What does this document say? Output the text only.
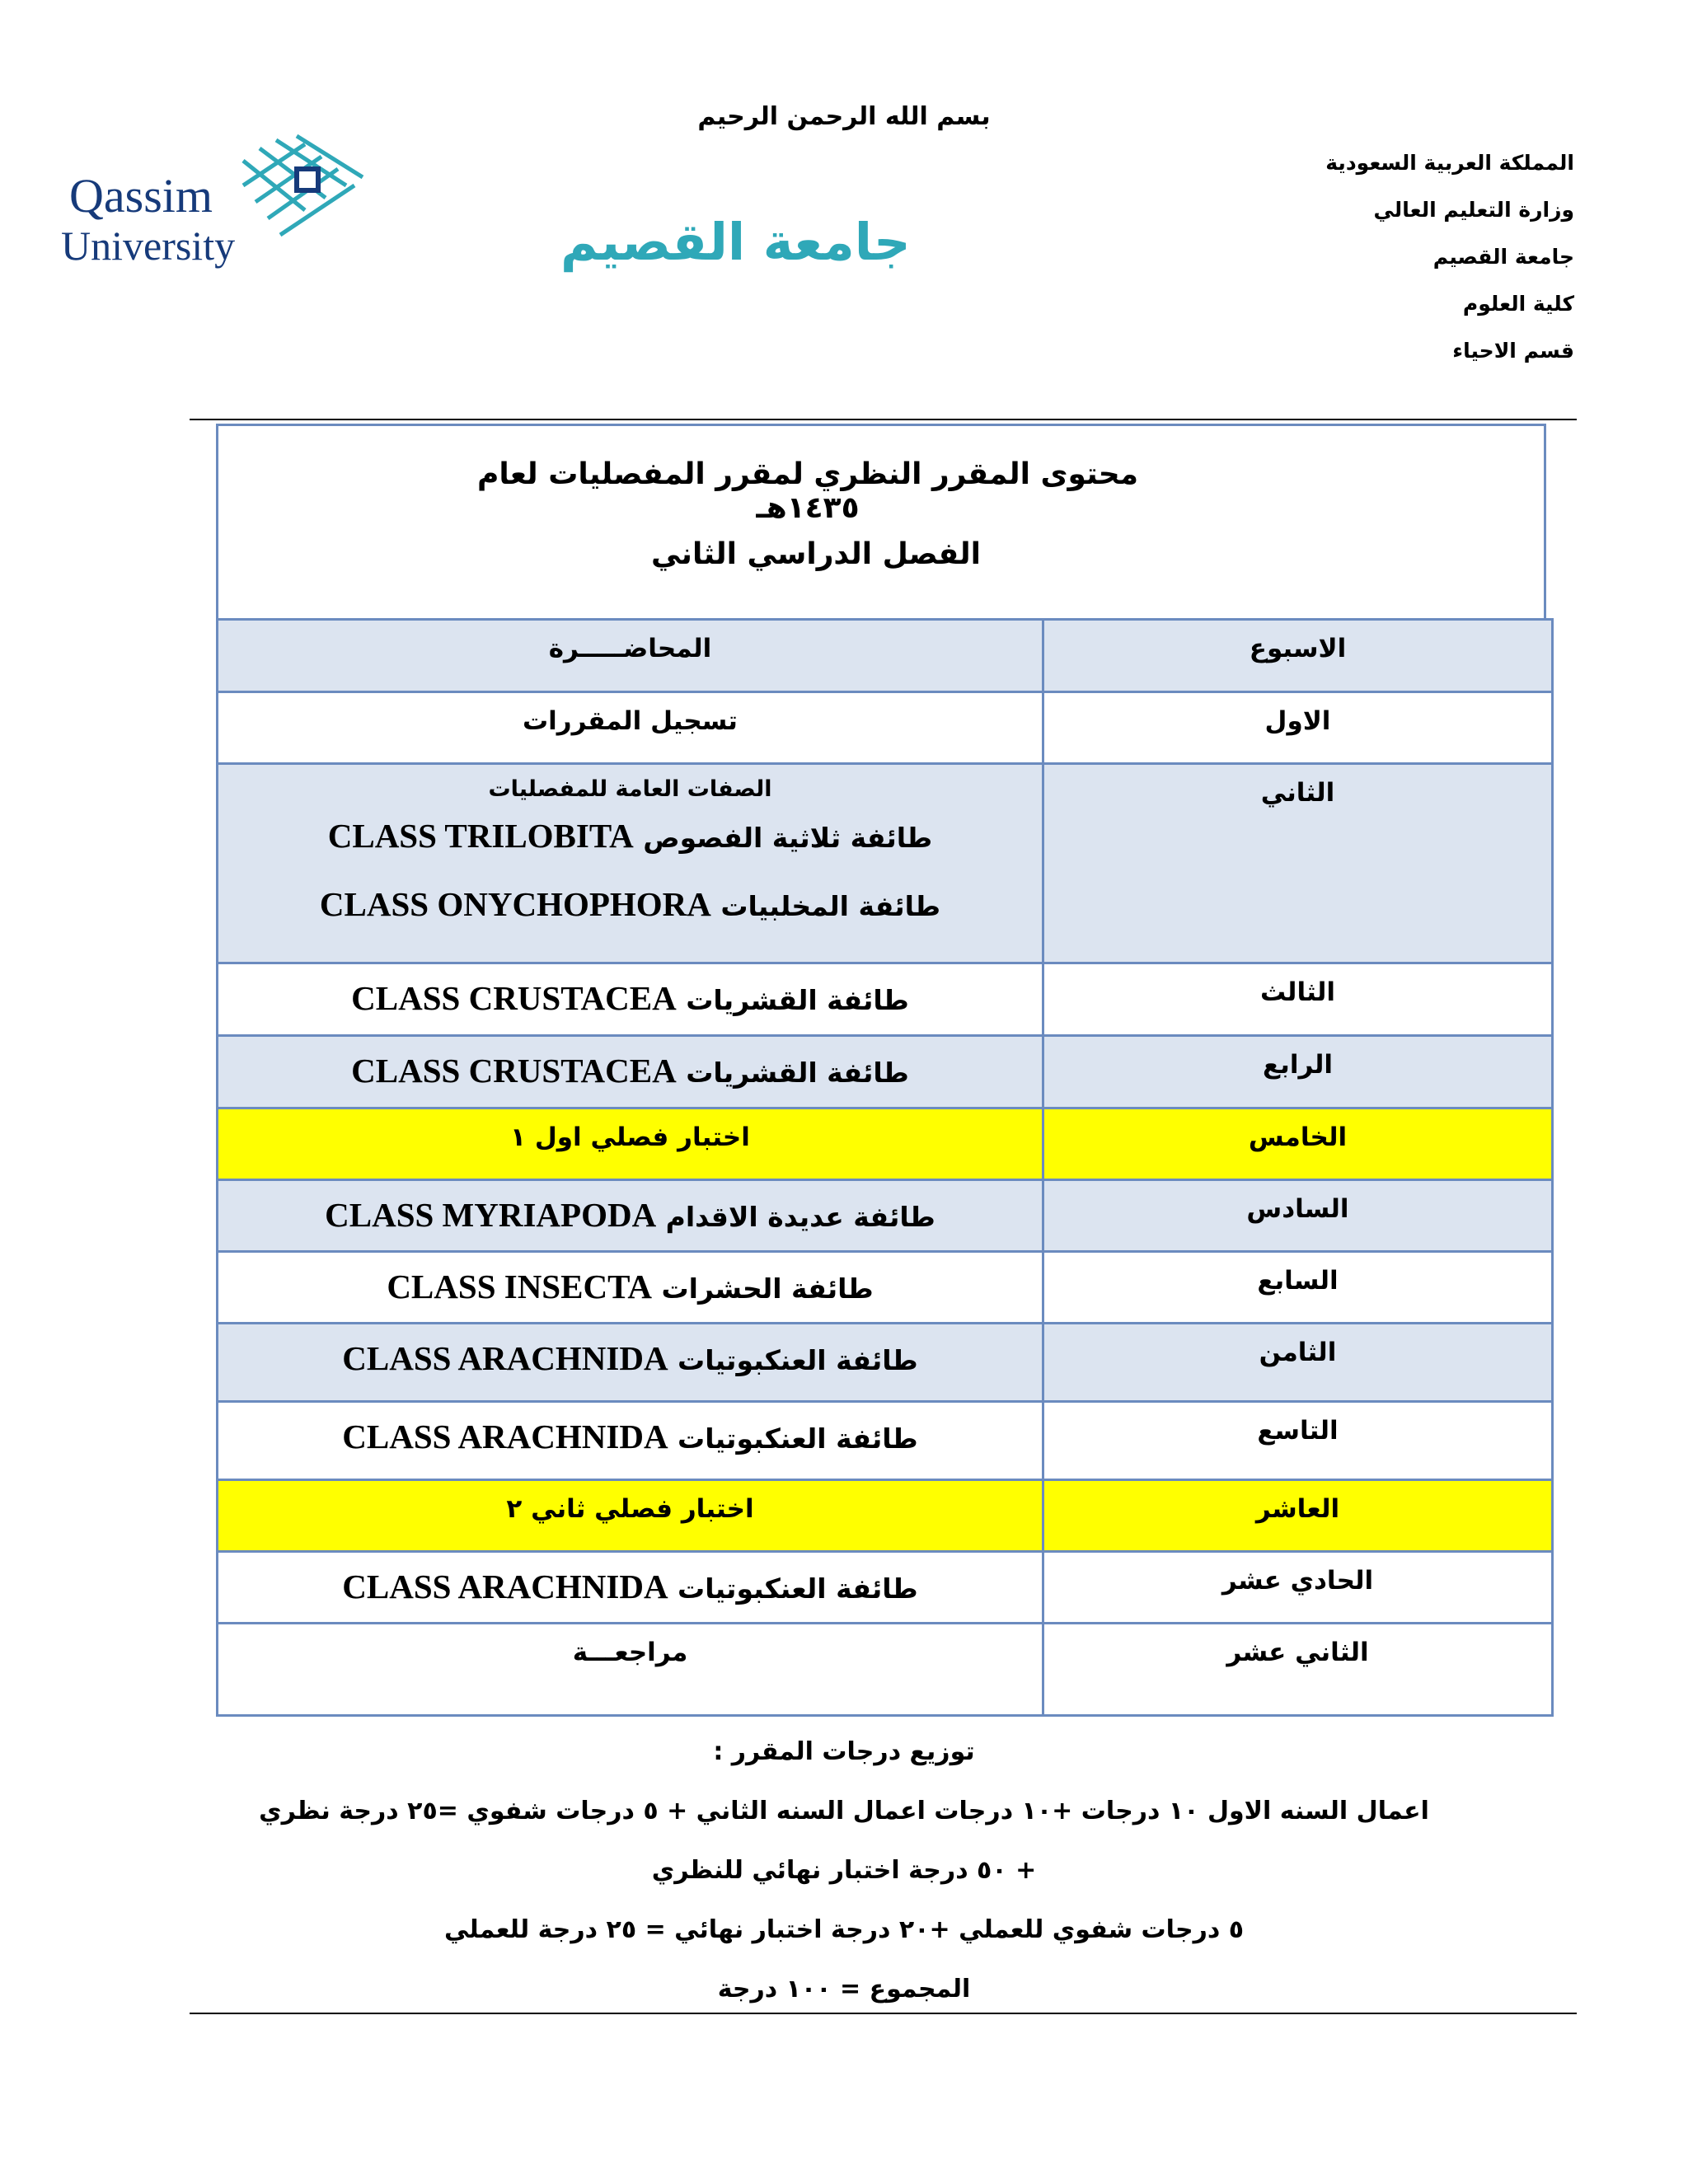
بسم الله الرحمن الرحيم
المملكة العربية السعودية
وزارة التعليم العالي
جامعة القصيم
كلية العلوم
قسم الاحياء
Qassim
University	جامعة القصيم
محتوى المقرر النظري لمقرر المفصليات لعام ١٤٣٥هـ
الفصل الدراسي الثاني
المحاضـــــرة	الاسبوع
تسجيل المقررات	الاول

الصفات العامة للمفصليات
طائفة ثلاثية الفصوص CLASS TRILOBITA
طائفة المخلبيات CLASS ONYCHOPHORA	الثاني

طائفة القشريات CLASS CRUSTACEA	الثالث

طائفة القشريات CLASS CRUSTACEA	الرابع
اختبار فصلي اول ١	الخامس

طائفة عديدة الاقدام CLASS MYRIAPODA	السادس

طائفة الحشرات CLASS INSECTA	السابع

طائفة العنكبوتيات CLASS ARACHNIDA	الثامن

طائفة العنكبوتيات CLASS ARACHNIDA	التاسع
اختبار فصلي ثاني ٢	العاشر

طائفة العنكبوتيات CLASS ARACHNIDA	الحادي عشر
مراجعـــة	الثاني عشر
توزيع درجات المقرر :
اعمال السنه الاول ١٠ درجات +١٠ درجات اعمال السنه الثاني + ٥ درجات شفوي =٢٥ درجة نظري
+ ٥٠ درجة اختبار نهائي للنظري
٥ درجات شفوي للعملي +٢٠ درجة اختبار نهائي = ٢٥ درجة للعملي
المجموع = ١٠٠ درجة
